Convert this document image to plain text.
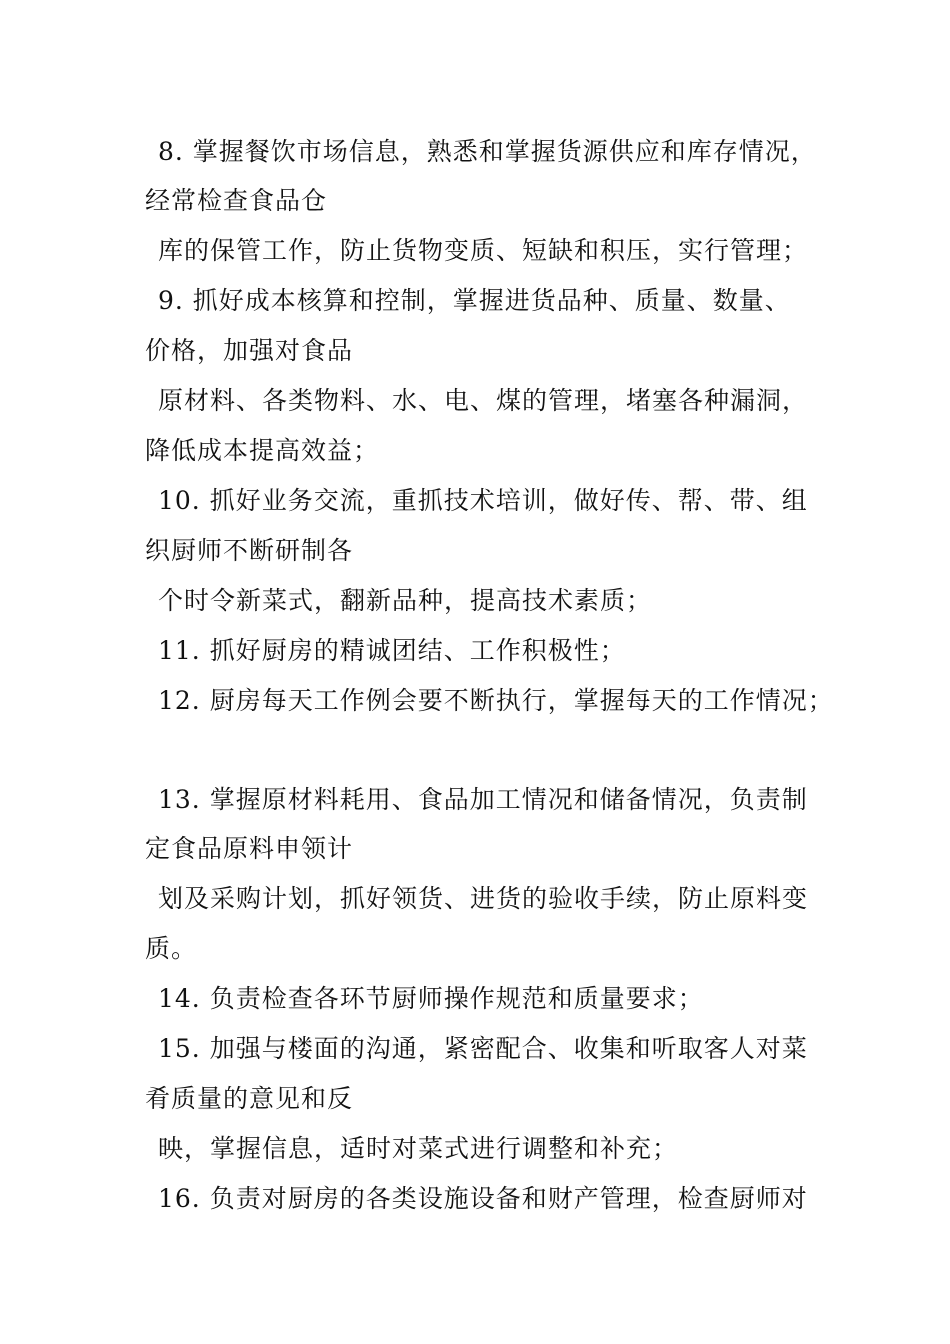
8. 掌握餐饮市场信息，熟悉和掌握货源供应和库存情况，
经常检查食品仓
库的保管工作，防止货物变质、短缺和积压，实行管理；
9. 抓好成本核算和控制，掌握进货品种、质量、数量、
价格，加强对食品
原材料、各类物料、水、电、煤的管理，堵塞各种漏洞，
降低成本提高效益；
10. 抓好业务交流，重抓技术培训，做好传、帮、带、组
织厨师不断研制各
个时令新菜式，翻新品种，提高技术素质；
11. 抓好厨房的精诚团结、工作积极性；
12. 厨房每天工作例会要不断执行，掌握每天的工作情况；
13. 掌握原材料耗用、食品加工情况和储备情况，负责制
定食品原料申领计
划及采购计划，抓好领货、进货的验收手续，防止原料变
质。
14. 负责检查各环节厨师操作规范和质量要求；
15. 加强与楼面的沟通，紧密配合、收集和听取客人对菜
肴质量的意见和反
映，掌握信息，适时对菜式进行调整和补充；
16. 负责对厨房的各类设施设备和财产管理，检查厨师对
